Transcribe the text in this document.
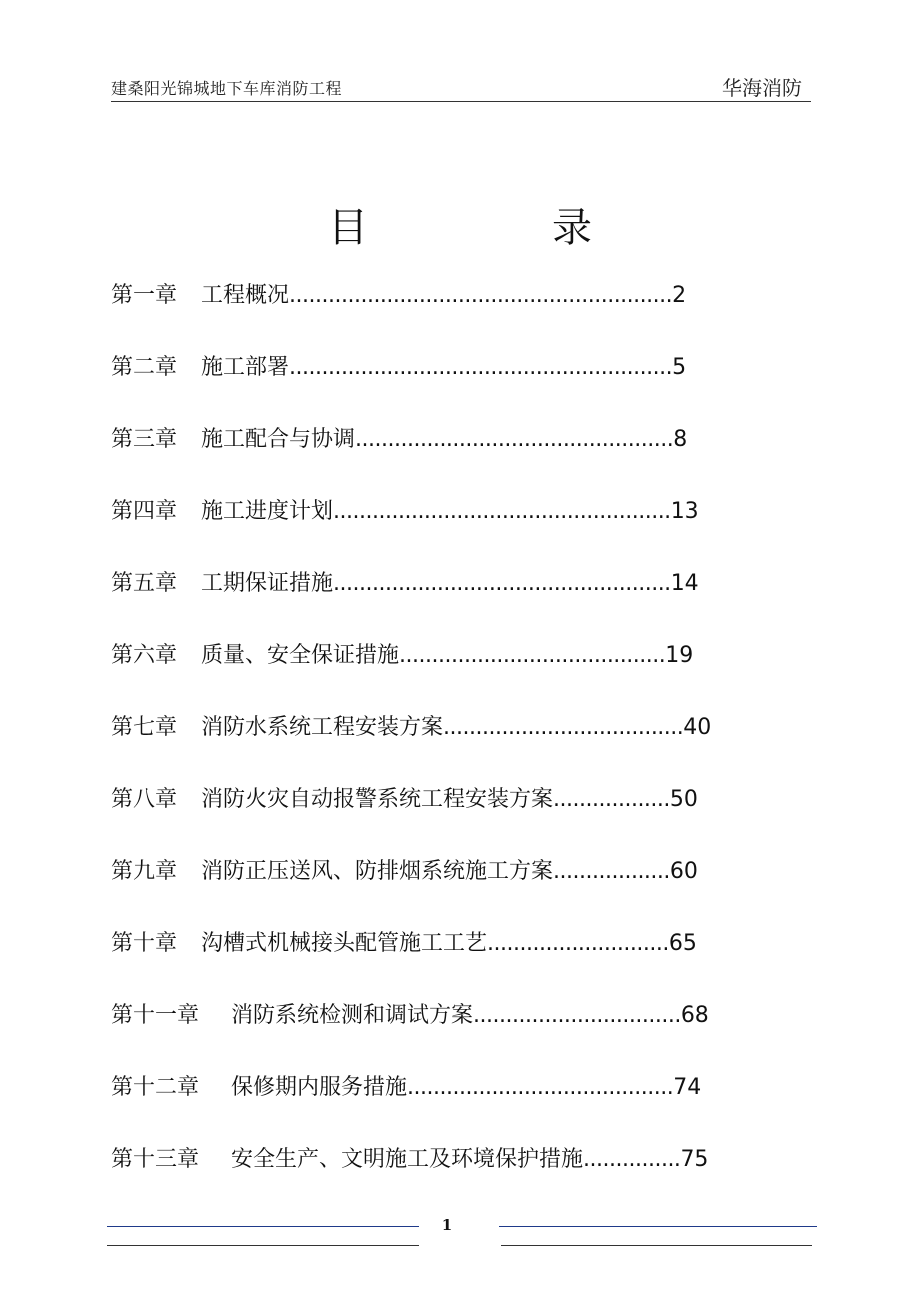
建桑阳光锦城地下车库消防工程	华海消防
目　录
第一章 工程概况...........................................................2
第二章 施工部署...........................................................5
第三章 施工配合与协调.................................................8
第四章 施工进度计划....................................................13
第五章 工期保证措施....................................................14
第六章 质量、安全保证措施.........................................19
第七章 消防水系统工程安装方案.....................................40
第八章 消防火灾自动报警系统工程安装方案..................50
第九章 消防正压送风、防排烟系统施工方案..................60
第十章 沟槽式机械接头配管施工工艺............................65
第十一章 消防系统检测和调试方案................................68
第十二章 保修期内服务措施.........................................74
第十三章 安全生产、文明施工及环境保护措施...............75
1
